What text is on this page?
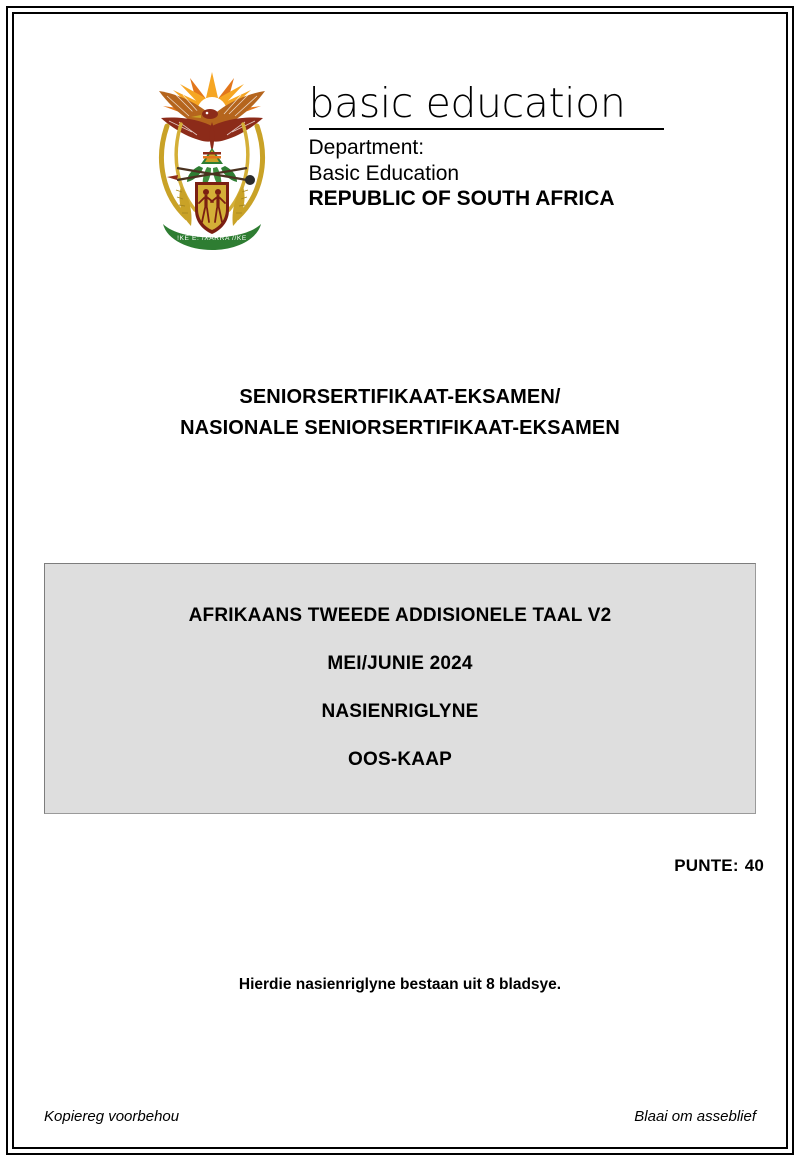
!KE E: /XARRA //KE
basic education
Department:
Basic Education
REPUBLIC OF SOUTH AFRICA
SENIORSERTIFIKAAT-EKSAMEN/
NASIONALE SENIORSERTIFIKAAT-EKSAMEN
AFRIKAANS TWEEDE ADDISIONELE TAAL V2
MEI/JUNIE 2024
NASIENRIGLYNE
OOS-KAAP
PUNTE: 40
Hierdie nasienriglyne bestaan uit 8 bladsye.
Kopiereg voorbehou	Blaai om asseblief
